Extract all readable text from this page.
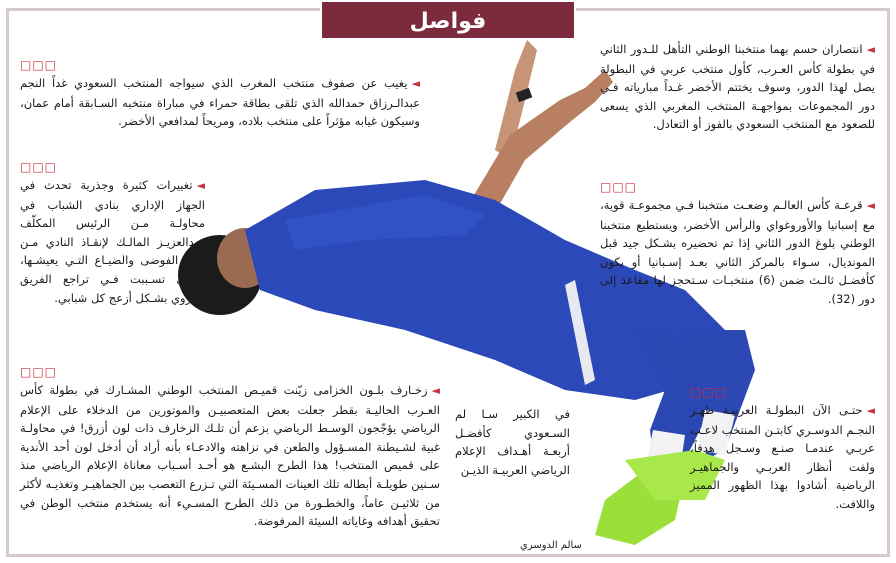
فواصل
◄انتصاران حسم بهما منتخبنا الوطني التأهل للـدور الثاني في بطولة كأس العـرب، كأول منتخب عربي في البطولة يصل لهذا الدور، وسوف يختتم الأخضر غـداً مبارياته فـي دور المجموعات بمواجهـة المنتخب المغربي الذي يسعى للصعود مع المنتخب السعودي بالفوز أو التعادل.
□□□
◄يغيب عن صفوف منتخب المغرب الذي سيواجه المنتخب السعودي غداً النجم عبدالـرزاق حمدالله الذي تلقى بطاقة حمراء في مباراة منتخبه السـابقة أمام عمان، وسيكون غيابه مؤثراً على منتخب بلاده، ومريحاً لمدافعي الأخضر.
□□□
◄قرعـة كأس العالـم وضعـت منتخبنا فـي مجموعـة قوية، مع إسبانيا والأوروغواي والرأس الأخضر، ويستطيع منتخبنا الوطني بلوغ الدور الثاني إذا تم تحضيره بشـكل جيد قبل المونديال، سـواء بالمركز الثاني بعـد إسـبانيا أو يكون كأفضـل ثالـث ضمن (6) منتخبـات سـتحجز لها مقاعد إلى دور (32).
□□□
◄تغييرات كثيرة وجذرية تحدث في الجهاز الإداري بنادي الشباب في محاولـة مـن الرئيس المكلّف عبدالعزيـز المالـك لإنقـاذ النادي مـن حالة الفوضى والضيـاع التـي يعيشـها، والتـي تسـببت فـي تراجع الفريق الكروي بشـكل أزعج كل شبابي.
□□□
◄حتـى الآن البطولـة العربيـة ظهـر النجـم الدوسـري كابتـن المنتخب لاعـب عربـي عندمـا صنـع وسـجل هدفاً، ولفت أنظار العربـي والجماهيـر الرياضية أشادوا بهذا الظهور المميز واللافت.
في الكبير سـا لم السـعودي كأفضـل أربعـة أهـداف الإعلام الرياضي العربيـة الذيـن
□□□
◄زخـارف بلـون الخزامى زيّنت قميـص المنتخب الوطني المشـارك في بطولة كأس العـرب الحاليـة بقطر جعلت بعض المتعصبيـن والموتورين من الدخلاء على الإعلام الرياضي يؤجّجون الوسـط الرياضي بزعم أن تلـك الزخارف ذات لون أزرق! في محاولـة غبية لشـيطنة المسـؤول والطعن في نزاهته والادعـاء بأنه أراد أن أدخل لون أحد الأندية على قميص المنتخب! هذا الطرح البشـع هو أحـد أسـباب معاناة الإعلام الرياضي منذ سـنين طويلـة أبطاله تلك العينات المسـيئة التي تـزرع التعصب بين الجماهيـر وتغذيـه لأكثر من ثلاثيـن عاماً، والخطـورة من ذلك الطرح المسـيء أنه يستخدم منتخب الوطن في تحقيق أهدافه وغاياته السيئة المرفوضة.
سالم الدوسري
